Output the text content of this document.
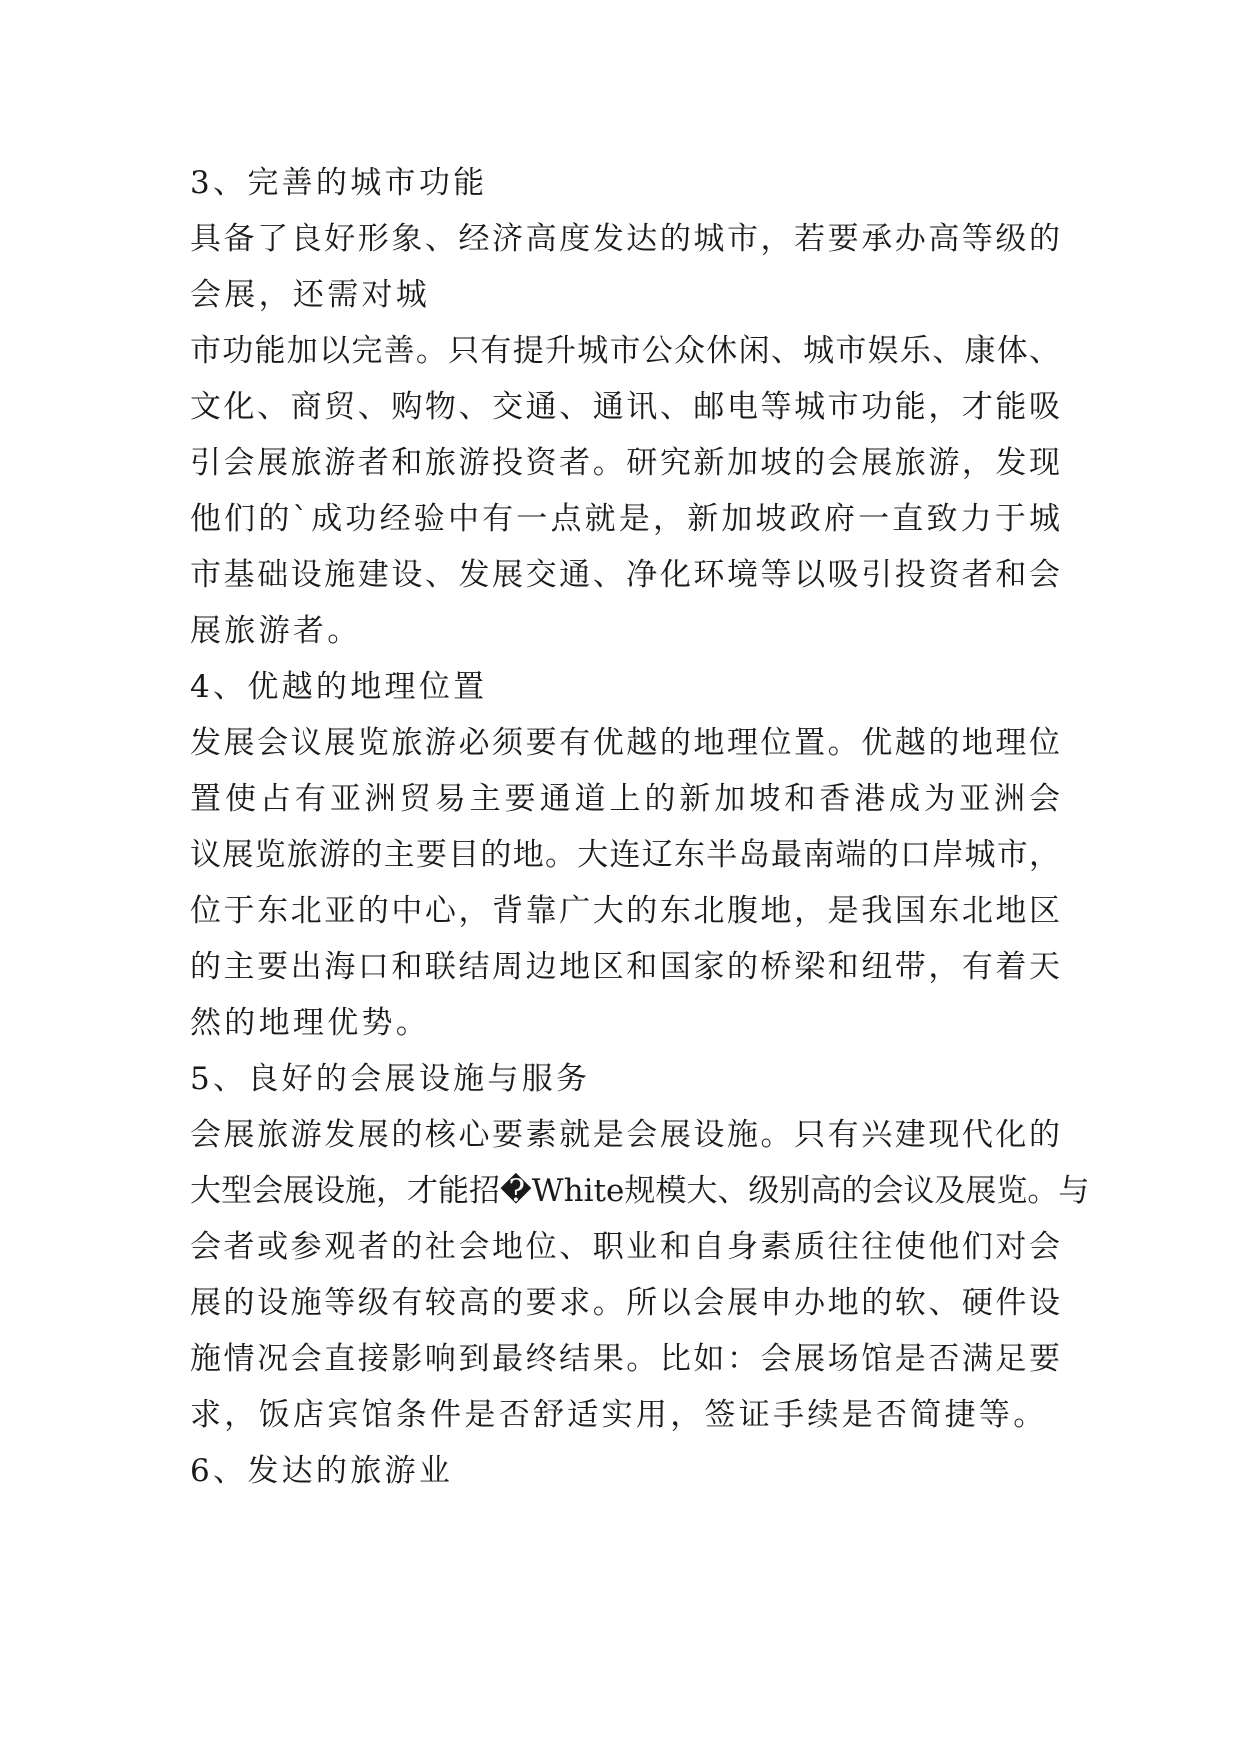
3、完善的城市功能
具备了良好形象、经济高度发达的城市，若要承办高等级的
会展，还需对城
市功能加以完善。只有提升城市公众休闲、城市娱乐、康体、
文化、商贸、购物、交通、通讯、邮电等城市功能，才能吸
引会展旅游者和旅游投资者。研究新加坡的会展旅游，发现
他们的`成功经验中有一点就是，新加坡政府一直致力于城
市基础设施建设、发展交通、净化环境等以吸引投资者和会
展旅游者。
4、优越的地理位置
发展会议展览旅游必须要有优越的地理位置。优越的地理位
置使占有亚洲贸易主要通道上的新加坡和香港成为亚洲会
议展览旅游的主要目的地。大连辽东半岛最南端的口岸城市，
位于东北亚的中心，背靠广大的东北腹地，是我国东北地区
的主要出海口和联结周边地区和国家的桥梁和纽带，有着天
然的地理优势。
5、良好的会展设施与服务
会展旅游发展的核心要素就是会展设施。只有兴建现代化的
大型会展设施，才能招�White规模大、级别高的会议及展览。与
会者或参观者的社会地位、职业和自身素质往往使他们对会
展的设施等级有较高的要求。所以会展申办地的软、硬件设
施情况会直接影响到最终结果。比如：会展场馆是否满足要
求，饭店宾馆条件是否舒适实用，签证手续是否简捷等。
6、发达的旅游业
